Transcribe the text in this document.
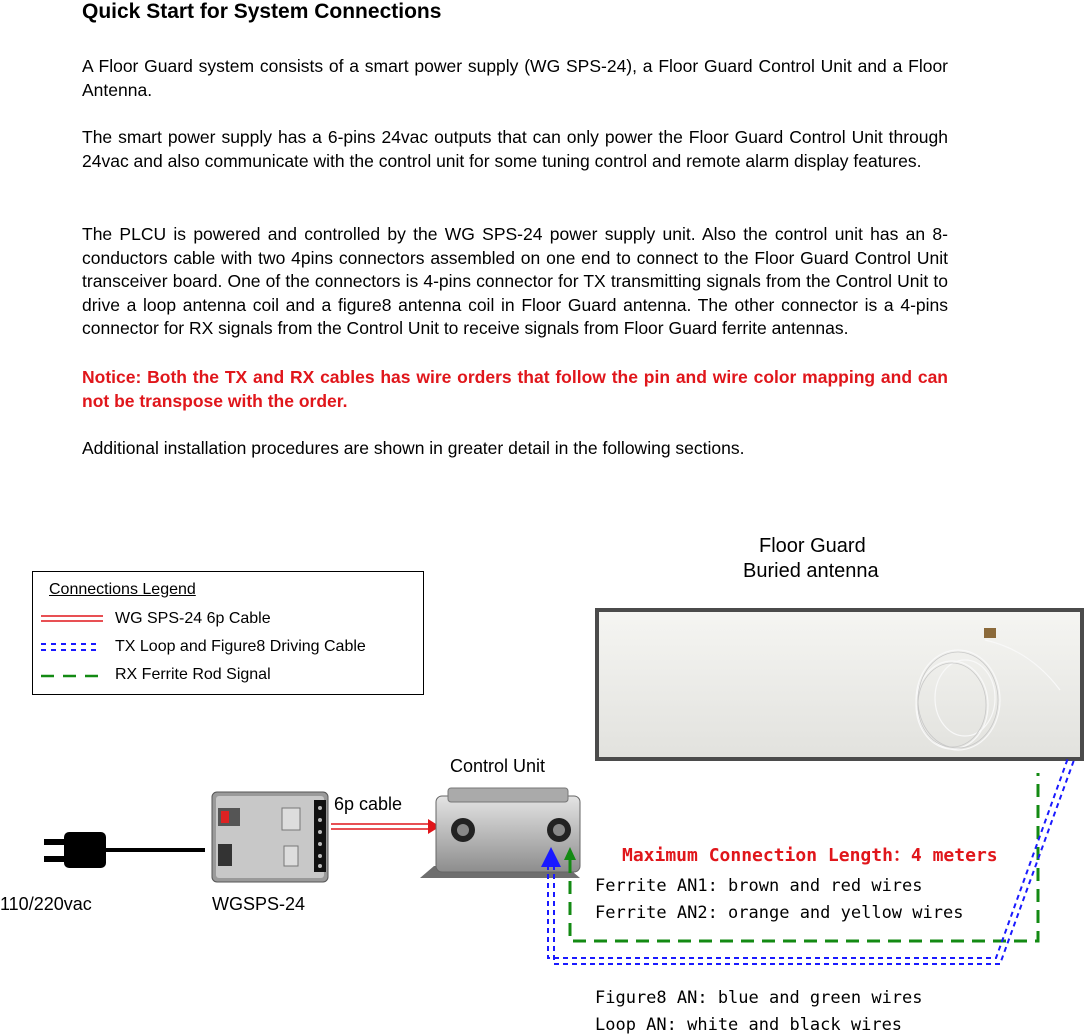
Quick Start for System Connections

A Floor Guard system consists of a smart power supply (WG SPS-24), a Floor Guard Control Unit and a Floor Antenna.

The smart power supply has a 6-pins 24vac outputs that can only power the Floor Guard Control Unit through 24vac and also communicate with the control unit for some tuning control and remote alarm display features.

The PLCU is powered and controlled by the WG SPS-24 power supply unit. Also the control unit has an 8-conductors cable with two 4pins connectors assembled on one end to connect to the Floor Guard Control Unit transceiver board. One of the connectors is 4-pins connector for TX transmitting signals from the Control Unit to drive a loop antenna coil and a figure8 antenna coil in Floor Guard antenna. The other connector is a 4-pins connector for RX signals from the Control Unit to receive signals from Floor Guard ferrite antennas.

Notice: Both the TX and RX cables has wire orders that follow the pin and wire color mapping and can not be transpose with the order.

Additional installation procedures are shown in greater detail in the following sections.

Connections Legend
WG SPS-24 6p Cable
TX Loop and Figure8 Driving Cable
RX Ferrite Rod Signal
Floor Guard
Buried antenna
Control Unit
6p cable
110/220vac	WGSPS-24
Maximum Connection Length：4 meters
Ferrite AN1: brown and red wires
Ferrite AN2: orange and yellow wires
Figure8 AN: blue and green wires
Loop AN: white and black wires
